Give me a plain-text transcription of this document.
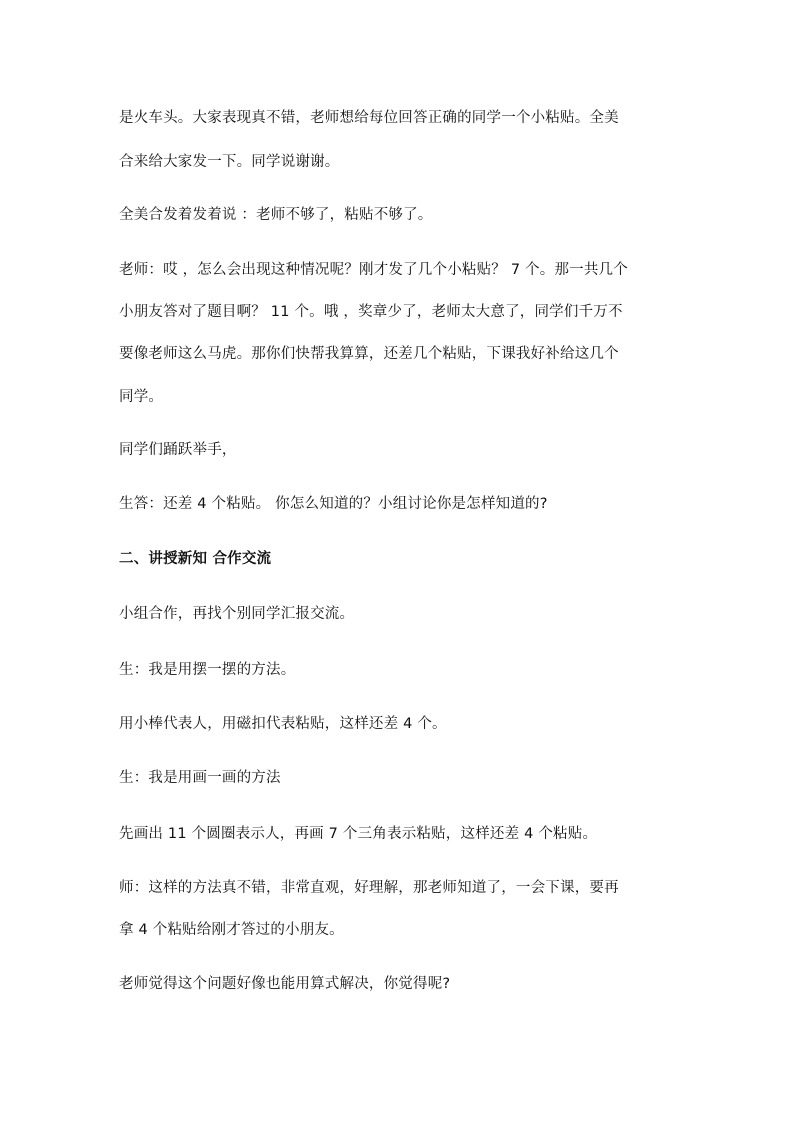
是火车头。大家表现真不错，老师想给每位回答正确的同学一个小粘贴。全美
合来给大家发一下。同学说谢谢。
全美合发着发着说 ：老师不够了，粘贴不够了。
老师：哎 ，怎么会出现这种情况呢？刚才发了几个小粘贴？ 7 个。那一共几个
小朋友答对了题目啊？ 11 个。哦 ，奖章少了，老师太大意了，同学们千万不
要像老师这么马虎。那你们快帮我算算，还差几个粘贴，下课我好补给这几个
同学。
同学们踊跃举手，
生答：还差 4 个粘贴。 你怎么知道的？小组讨论你是怎样知道的?
二、讲授新知 合作交流
小组合作，再找个别同学汇报交流。
生：我是用摆一摆的方法。
用小棒代表人，用磁扣代表粘贴，这样还差 4 个。
生：我是用画一画的方法
先画出 11 个圆圈表示人，再画 7 个三角表示粘贴，这样还差 4 个粘贴。
师：这样的方法真不错，非常直观，好理解，那老师知道了，一会下课，要再
拿 4 个粘贴给刚才答过的小朋友。
老师觉得这个问题好像也能用算式解决，你觉得呢?
